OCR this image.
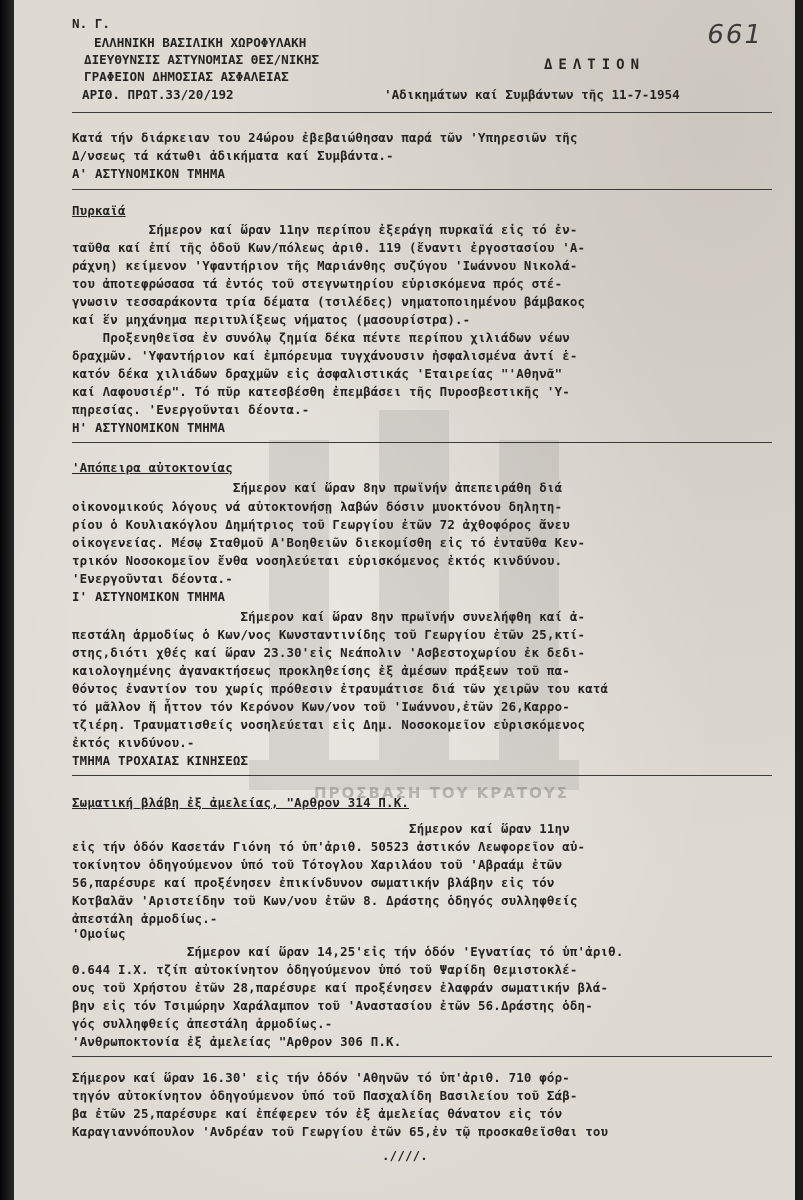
ΠΡΟΣΒΑΣΗ ΤΟΥ ΚΡΑΤΟΥΣ
661
Ν. Γ.
ΕΛΛΗΝΙΚΗ ΒΑΣΙΛΙΚΗ ΧΩΡΟΦΥΛΑΚΗ
ΔΙΕΥΘΥΝΣΙΣ ΑΣΤΥΝΟΜΙΑΣ ΘΕΣ/ΝΙΚΗΣ
ΓΡΑΦΕΙΟΝ ΔΗΜΟΣΙΑΣ ΑΣΦΑΛΕΙΑΣ
ΑΡΙΘ. ΠΡΩΤ.33/20/192
ΔΕΛΤΙΟΝ
'Αδικημάτων καί Συμβάντων τῆς 11-7-1954
Κατά τήν διάρκειαν του 24ώρου ἐβεβαιώθησαν παρά τῶν 'Υπηρεσιῶν τῆς
Δ/νσεως τά κάτωθι ἀδικήματα καί Συμβάντα.-
Α' ΑΣΤΥΝΟΜΙΚΟΝ ΤΜΗΜΑ
Πυρκαϊά
Σήμερον καί ὥραν 11ην περίπου ἐξεράγη πυρκαϊά εἰς τό ἐν-
ταῦθα καί ἐπί τῆς ὁδοῦ Κων/πόλεως ἀριθ. 119 (ἔναντι ἐργοστασίου 'Α-
ράχνη) κείμενον 'Υφαντήριον τῆς Μαριάνθης συζύγου 'Ιωάννου Νικολά-
του ἀποτεφρώσασα τά ἐντός τοῦ στεγνωτηρίου εὑρισκόμενα πρός στέ-
γνωσιν τεσσαράκοντα τρία δέματα (τσιλέδες) νηματοποιημένου βάμβακος
καί ἕν μηχάνημα περιτυλίξεως νήματος (μασουρίστρα).-
Προξενηθεῖσα ἐν συνόλῳ ζημία δέκα πέντε περίπου χιλιάδων νέων
δραχμῶν. 'Υφαντήριον καί ἐμπόρευμα τυγχάνουσιν ἠσφαλισμένα ἀντί ἑ-
κατόν δέκα χιλιάδων δραχμῶν εἰς ἀσφαλιστικάς 'Εταιρείας "'Αθηνᾶ"
καί Λαφουσιέρ". Τό πῦρ κατεσβέσθη ἐπεμβάσει τῆς Πυροσβεστικῆς 'Υ-
πηρεσίας. 'Ενεργοῦνται δέοντα.-
Η' ΑΣΤΥΝΟΜΙΚΟΝ ΤΜΗΜΑ
'Απόπειρα αὐτοκτονίας
Σήμερον καί ὥραν 8ην πρωϊνήν ἀπεπειράθη διά
οἰκονομικούς λόγους νά αὐτοκτονήσῃ λαβών δόσιν μυοκτόνου δηλητη-
ρίου ὁ Κουλιακόγλου Δημήτριος τοῦ Γεωργίου ἐτῶν 72 ἀχθοφόρος ἄνευ
οἰκογενείας. Μέσῳ Σταθμοῦ Α'Βοηθειῶν διεκομίσθη εἰς τό ἐνταῦθα Κεν-
τρικόν Νοσοκομεῖον ἔνθα νοσηλεύεται εὑρισκόμενος ἐκτός κινδύνου.
'Ενεργοῦνται δέοντα.-
Ι' ΑΣΤΥΝΟΜΙΚΟΝ ΤΜΗΜΑ
Σήμερον καί ὥραν 8ην πρωϊνήν συνελήφθη καί ἀ-
πεστάλη ἁρμοδίως ὁ Κων/νος Κωνσταντινίδης τοῦ Γεωργίου ἐτῶν 25,κτί-
στης,διότι χθές καί ὥραν 23.30'εἰς Νεάπολιν 'Ασβεστοχωρίου ἐκ δεδι-
καιολογημένης ἀγανακτήσεως προκληθείσης ἐξ ἀμέσων πράξεων τοῦ πα-
θόντος ἐναντίον του χωρίς πρόθεσιν ἐτραυμάτισε διά τῶν χειρῶν του κατά
τό μᾶλλον ἤ ἧττον τόν Κερόνον Κων/νον τοῦ 'Ιωάννου,ἐτῶν 26,Καρρο-
τζιέρη. Τραυματισθείς νοσηλεύεται εἰς Δημ. Νοσοκομεῖον εὑρισκόμενος
ἐκτός κινδύνου.-
ΤΜΗΜΑ ΤΡΟΧΑΙΑΣ ΚΙΝΗΣΕΩΣ
Σωματική βλάβη ἐξ ἀμελείας, "Αρθρον 314 Π.Κ.
Σήμερον καί ὥραν 11ην
εἰς τήν ὁδόν Κασετάν Γιόνη τό ὑπ'ἀριθ. 50523 ἀστικόν Λεωφορεῖον αὐ-
τοκίνητον ὁδηγούμενον ὑπό τοῦ Τότογλου Χαριλάου τοῦ 'Αβραάμ ἐτῶν
56,παρέσυρε καί προξένησεν ἐπικίνδυνον σωματικήν βλάβην εἰς τόν
Κοτβαλᾶν 'Αριστείδην τοῦ Κων/νου ἐτῶν 8. Δράστης ὁδηγός συλληφθείς
ἀπεστάλη ἁρμοδίως.-
'Ομοίως
Σήμερον καί ὥραν 14,25'εἰς τήν ὁδόν 'Εγνατίας τό ὑπ'ἀριθ.
Θ.644 Ι.Χ. τζίπ αὐτοκίνητον ὁδηγούμενον ὑπό τοῦ Ψαρίδη Θεμιστοκλέ-
ους τοῦ Χρήστου ἐτῶν 28,παρέσυρε καί προξένησεν ἐλαφράν σωματικήν βλά-
βην εἰς τόν Τσιμώρην Χαράλαμπον τοῦ 'Αναστασίου ἐτῶν 56.Δράστης ὁδη-
γός συλληφθείς ἀπεστάλη ἁρμοδίως.-
'Ανθρωποκτονία ἐξ ἀμελείας "Αρθρον 306 Π.Κ.
Σήμερον καί ὥραν 16.30' εἰς τήν ὁδόν 'Αθηνῶν τό ὑπ'ἀριθ. 710 φόρ-
τηγόν αὐτοκίνητον ὁδηγούμενον ὑπό τοῦ Πασχαλίδη Βασιλείου τοῦ Σάβ-
βα ἐτῶν 25,παρέσυρε καί ἐπέφερεν τόν ἐξ ἀμελείας θάνατον εἰς τόν
Καραγιαννόπουλον 'Ανδρέαν τοῦ Γεωργίου ἐτῶν 65,ἐν τῷ προσκαθεῖσθαι του
.////.
